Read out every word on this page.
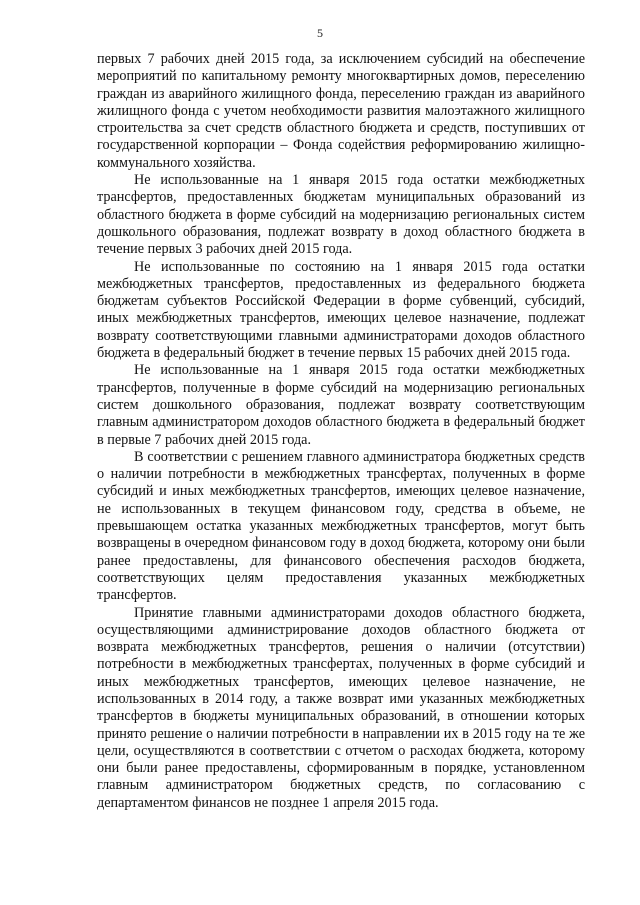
5

первых 7 рабочих дней 2015 года, за исключением субсидий на обеспечение мероприятий по капитальному ремонту многоквартирных домов, переселению граждан из аварийного жилищного фонда, переселению граждан из аварийного жилищного фонда с учетом необходимости развития малоэтажного жилищного строительства за счет средств областного бюджета и средств, поступивших от государственной корпорации – Фонда содействия реформированию жилищно-коммунального хозяйства.

Не использованные на 1 января 2015 года остатки межбюджетных трансфертов, предоставленных бюджетам муниципальных образований из областного бюджета в форме субсидий на модернизацию региональных систем дошкольного образования, подлежат возврату в доход областного бюджета в течение первых 3 рабочих дней 2015 года.

Не использованные по состоянию на 1 января 2015 года остатки межбюджетных трансфертов, предоставленных из федерального бюджета бюджетам субъектов Российской Федерации в форме субвенций, субсидий, иных межбюджетных трансфертов, имеющих целевое назначение, подлежат возврату соответствующими главными администраторами доходов областного бюджета в федеральный бюджет в течение первых 15 рабочих дней 2015 года.

Не использованные на 1 января 2015 года остатки межбюджетных трансфертов, полученные в форме субсидий на модернизацию региональных систем дошкольного образования, подлежат возврату соответствующим главным администратором доходов областного бюджета в федеральный бюджет в первые 7 рабочих дней 2015 года.

В соответствии с решением главного администратора бюджетных средств о наличии потребности в межбюджетных трансфертах, полученных в форме субсидий и иных межбюджетных трансфертов, имеющих целевое назначение, не использованных в текущем финансовом году, средства в объеме, не превышающем остатка указанных межбюджетных трансфертов, могут быть возвращены в очередном финансовом году в доход бюджета, которому они были ранее предоставлены, для финансового обеспечения расходов бюджета, соответствующих целям предоставления указанных межбюджетных трансфертов.

Принятие главными администраторами доходов областного бюджета, осуществляющими администрирование доходов областного бюджета от возврата межбюджетных трансфертов, решения о наличии (отсутствии) потребности в межбюджетных трансфертах, полученных в форме субсидий и иных межбюджетных трансфертов, имеющих целевое назначение, не использованных в 2014 году, а также возврат ими указанных межбюджетных трансфертов в бюджеты муниципальных образований, в отношении которых принято решение о наличии потребности в направлении их в 2015 году на те же цели, осуществляются в соответствии с отчетом о расходах бюджета, которому они были ранее предоставлены, сформированным в порядке, установленном главным администратором бюджетных средств, по согласованию с департаментом финансов не позднее 1 апреля 2015 года.
